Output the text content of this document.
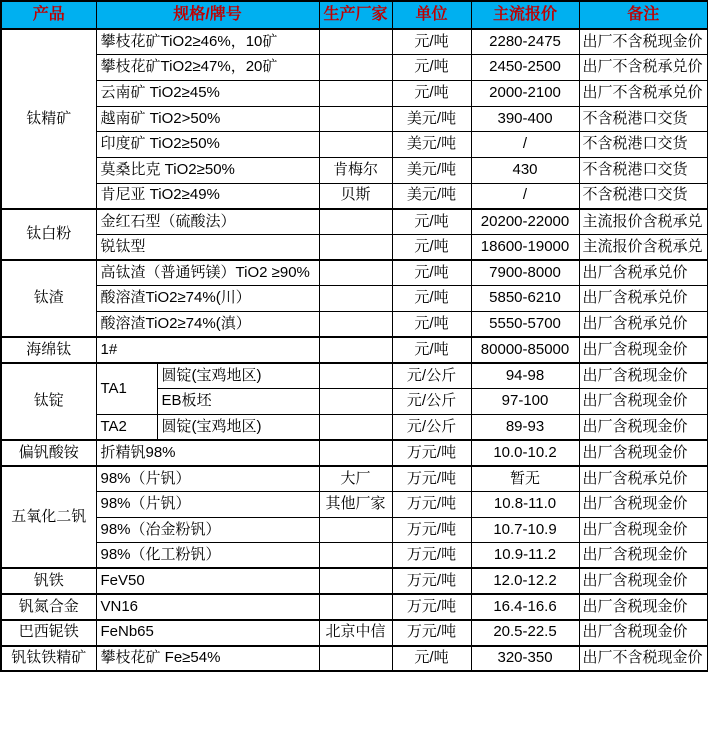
产品	规格/牌号		生产厂家	单位	主流报价	备注
钛精矿	攀枝花矿TiO2≥46%，10矿			元/吨	2280-2475	出厂不含税现金价
	攀枝花矿TiO2≥47%，20矿			元/吨	2450-2500	出厂不含税承兑价
	云南矿 TiO2≥45%			元/吨	2000-2100	出厂不含税承兑价
	越南矿 TiO2>50%			美元/吨	390-400	不含税港口交货
	印度矿 TiO2≥50%			美元/吨	/	不含税港口交货
	莫桑比克 TiO2≥50%		肯梅尔	美元/吨	430	不含税港口交货
	肯尼亚 TiO2≥49%		贝斯	美元/吨	/	不含税港口交货
钛白粉	金红石型（硫酸法）			元/吨	20200-22000	主流报价含税承兑
	锐钛型			元/吨	18600-19000	主流报价含税承兑
钛渣	高钛渣（普通钙镁）TiO2 ≥90%			元/吨	7900-8000	出厂含税承兑价
	酸溶渣TiO2≥74%(川）			元/吨	5850-6210	出厂含税承兑价
	酸溶渣TiO2≥74%(滇）			元/吨	5550-5700	出厂含税承兑价
海绵钛	1#			元/吨	80000-85000	出厂含税现金价
钛锭	TA1	圆锭(宝鸡地区)		元/公斤	94-98	出厂含税现金价
		EB板坯		元/公斤	97-100	出厂含税现金价
	TA2	圆锭(宝鸡地区)		元/公斤	89-93	出厂含税现金价
偏钒酸铵	折精钒98%			万元/吨	10.0-10.2	出厂含税现金价
五氧化二钒	98%（片钒）		大厂	万元/吨	暂无	出厂含税承兑价
	98%（片钒）		其他厂家	万元/吨	10.8-11.0	出厂含税现金价
	98%（冶金粉钒）			万元/吨	10.7-10.9	出厂含税现金价
	98%（化工粉钒）			万元/吨	10.9-11.2	出厂含税现金价
钒铁	FeV50			万元/吨	12.0-12.2	出厂含税现金价
钒氮合金	VN16			万元/吨	16.4-16.6	出厂含税现金价
巴西铌铁	FeNb65		北京中信	万元/吨	20.5-22.5	出厂含税现金价
钒钛铁精矿	攀枝花矿 Fe≥54%			元/吨	320-350	出厂不含税现金价
